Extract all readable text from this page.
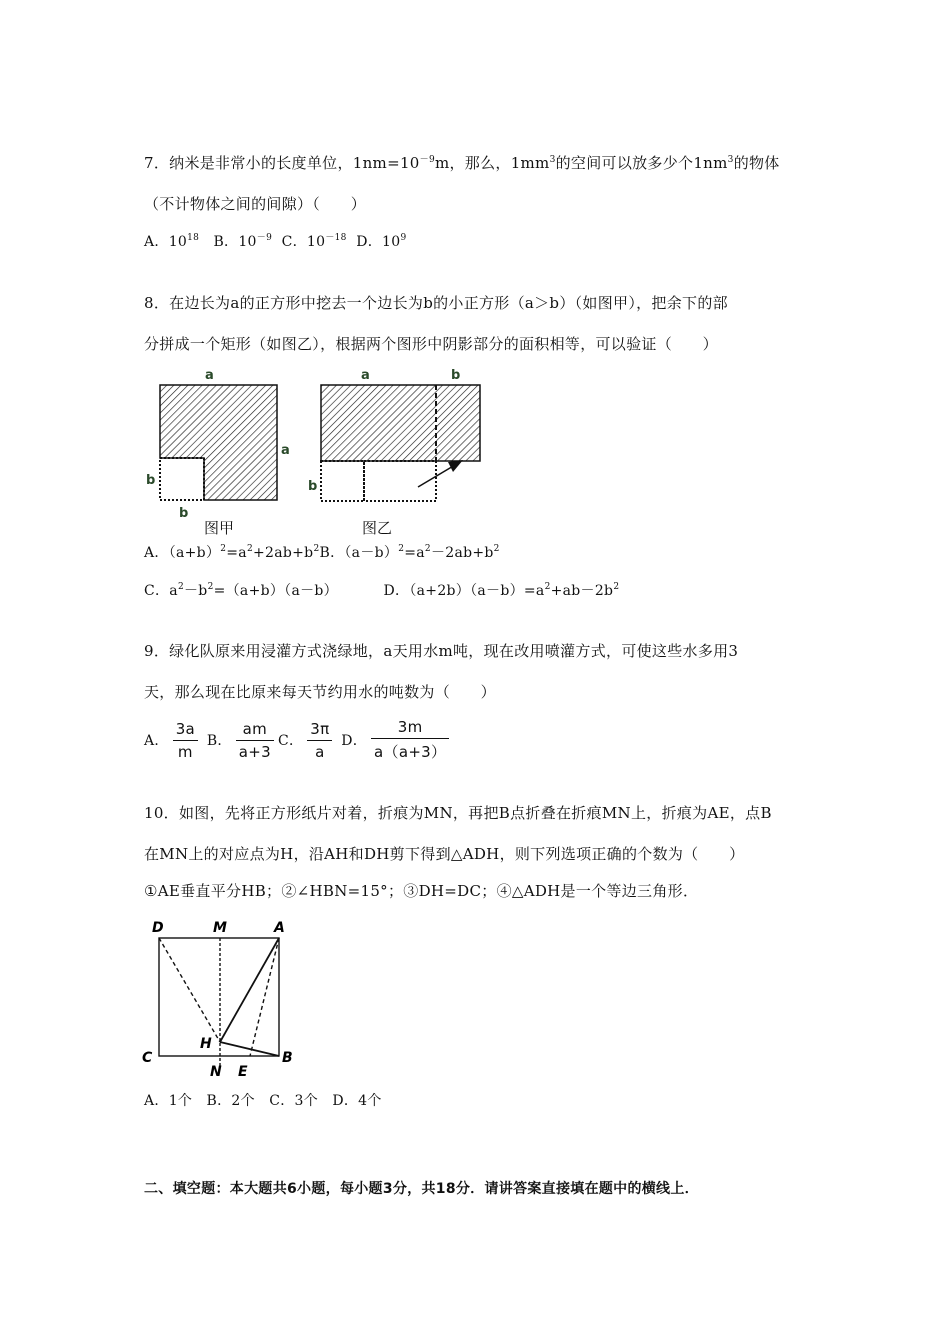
7．纳米是非常小的长度单位，$1nm=10^{-9}m$，那么，$1mm^3$的空间可以放多少个$1nm^3$的物体
（不计物体之间的间隙）（　　）
A．$10^{18}$ B．$10^{-9}$ C．$10^{-18}$ D．$10^9$
8．在边长为a的正方形中挖去一个边长为b的小正方形（a＞b）（如图甲），把余下的部
分拼成一个矩形（如图乙），根据两个图形中阴影部分的面积相等，可以验证（　　）
a
a
b
b
图甲
a	b
b
图乙
A．$(a+b)^2=a^2+2ab+b^2B$．$(a-b)^2=a^2-2ab+b^2$
C．$a^2-b^2=(a+b)(a-b)$	D．$(a+2b)(a-b)=a^2+ab-2b^2$
9．绿化队原来用浸灌方式浇绿地，a天用水m吨，现在改用喷灌方式，可使这些水多用3
天，那么现在比原来每天节约用水的吨数为（　　）
A． $\frac{3a}{m}$ B． $\frac{am}{a+3}$ C． $\frac{3\pi}{a}$ D． $\frac{3m}{a(a+3)}$
10．如图，先将正方形纸片对着，折痕为MN，再把B点折叠在折痕MN上，折痕为AE，点B
在MN上的对应点为H，沿AH和DH剪下得到△ADH，则下列选项正确的个数为（　　）
①AE垂直平分HB；②∠HBN=15°；③DH=DC；④△ADH是一个等边三角形．
D	M	A
H
C
N E
B
A．1个　B．2个　C．3个　D．4个
二、填空题：本大题共6小题，每小题3分，共18分．请讲答案直接填在题中的横线上．
